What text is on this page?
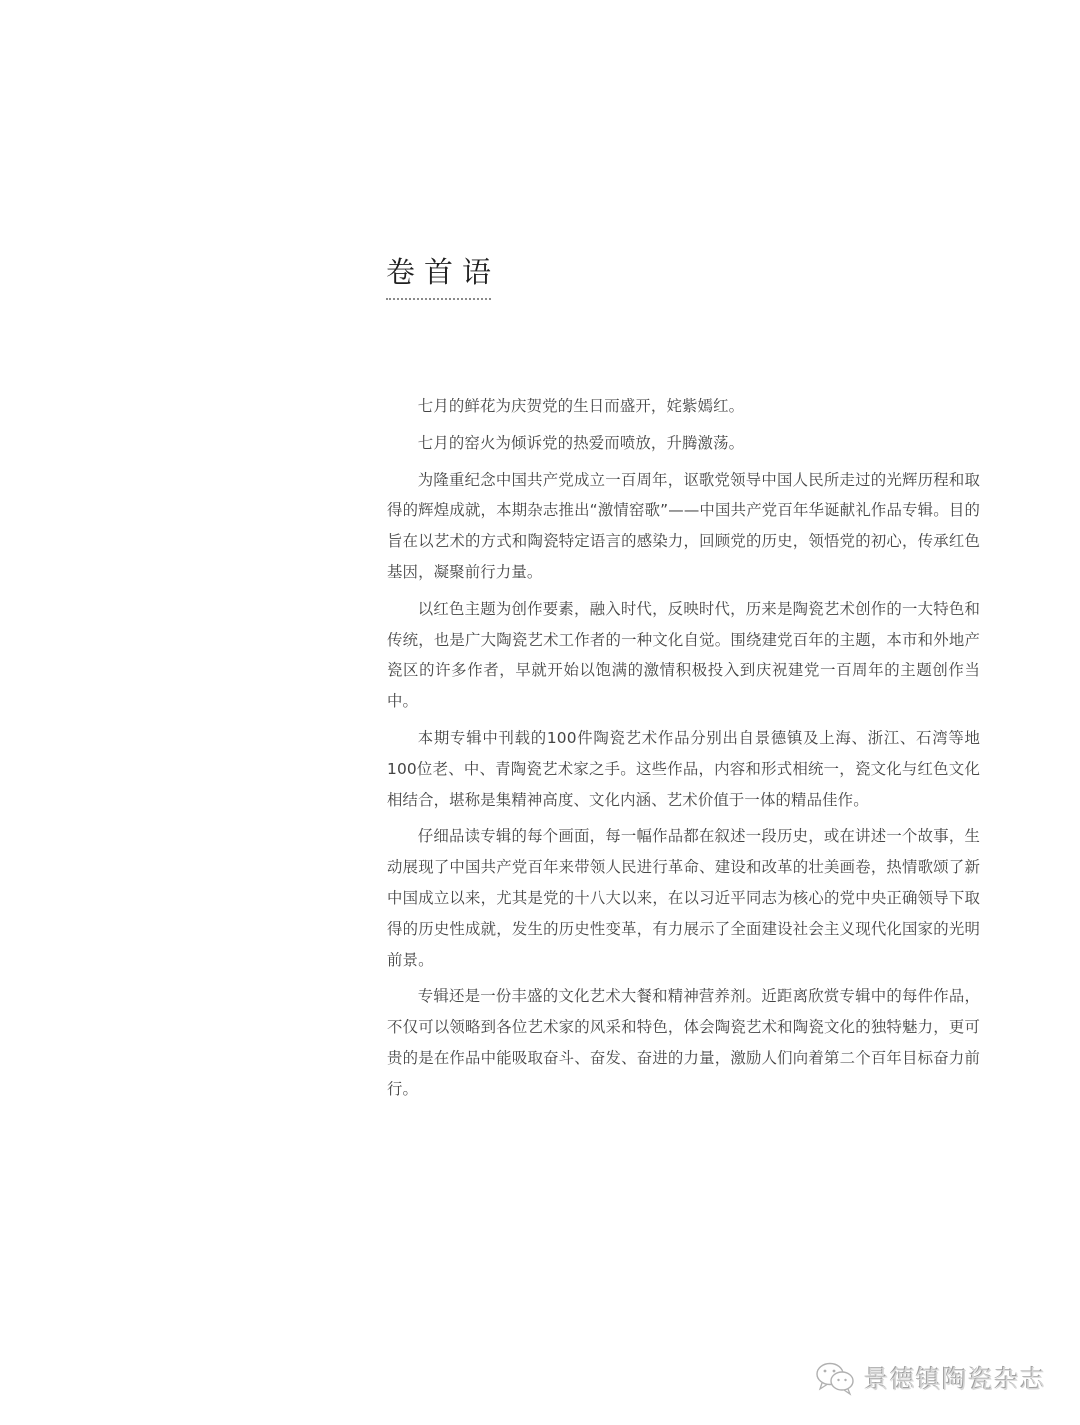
卷首语

七月的鲜花为庆贺党的生日而盛开，姹紫嫣红。

七月的窑火为倾诉党的热爱而喷放，升腾激荡。

为隆重纪念中国共产党成立一百周年，讴歌党领导中国人民所走过的光辉历程和取得的辉煌成就，本期杂志推出“激情窑歌”——中国共产党百年华诞献礼作品专辑。目的旨在以艺术的方式和陶瓷特定语言的感染力，回顾党的历史，领悟党的初心，传承红色基因，凝聚前行力量。

以红色主题为创作要素，融入时代，反映时代，历来是陶瓷艺术创作的一大特色和传统，也是广大陶瓷艺术工作者的一种文化自觉。围绕建党百年的主题，本市和外地产瓷区的许多作者，早就开始以饱满的激情积极投入到庆祝建党一百周年的主题创作当中。

本期专辑中刊载的100件陶瓷艺术作品分别出自景德镇及上海、浙江、石湾等地100位老、中、青陶瓷艺术家之手。这些作品，内容和形式相统一，瓷文化与红色文化相结合，堪称是集精神高度、文化内涵、艺术价值于一体的精品佳作。

仔细品读专辑的每个画面，每一幅作品都在叙述一段历史，或在讲述一个故事，生动展现了中国共产党百年来带领人民进行革命、建设和改革的壮美画卷，热情歌颂了新中国成立以来，尤其是党的十八大以来，在以习近平同志为核心的党中央正确领导下取得的历史性成就，发生的历史性变革，有力展示了全面建设社会主义现代化国家的光明前景。

专辑还是一份丰盛的文化艺术大餐和精神营养剂。近距离欣赏专辑中的每件作品，不仅可以领略到各位艺术家的风采和特色，体会陶瓷艺术和陶瓷文化的独特魅力，更可贵的是在作品中能吸取奋斗、奋发、奋进的力量，激励人们向着第二个百年目标奋力前行。

景德镇陶瓷杂志
